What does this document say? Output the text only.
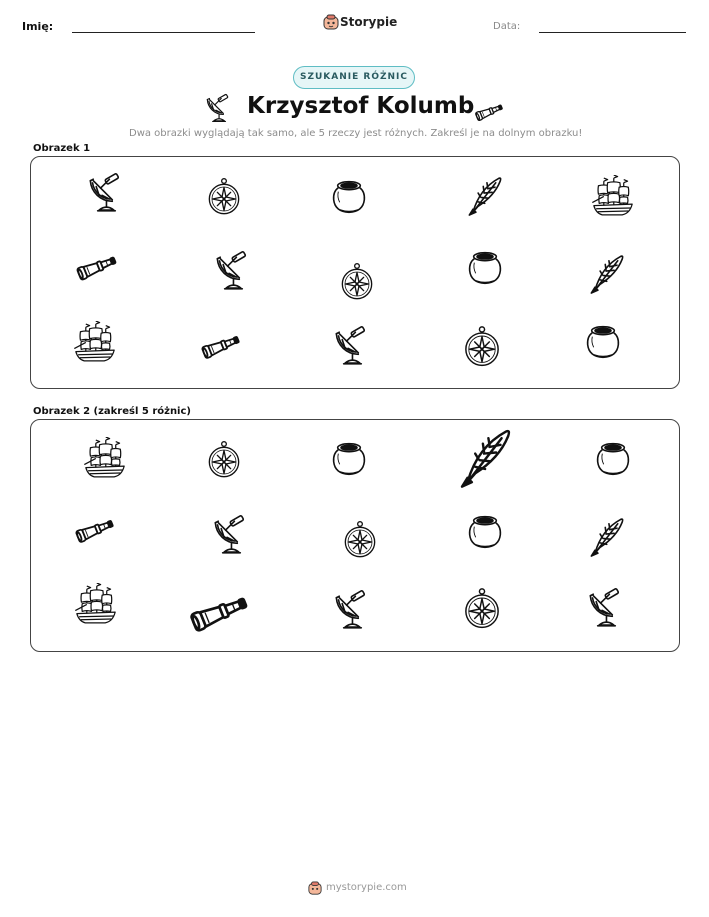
Imię:	Storypie	Data:
SZUKANIE RÓŻNIC
Krzysztof Kolumb
Dwa obrazki wyglądają tak samo, ale 5 rzeczy jest różnych. Zakreśl je na dolnym obrazku!
Obrazek 1
Obrazek 2 (zakreśl 5 różnic)
mystorypie.com
